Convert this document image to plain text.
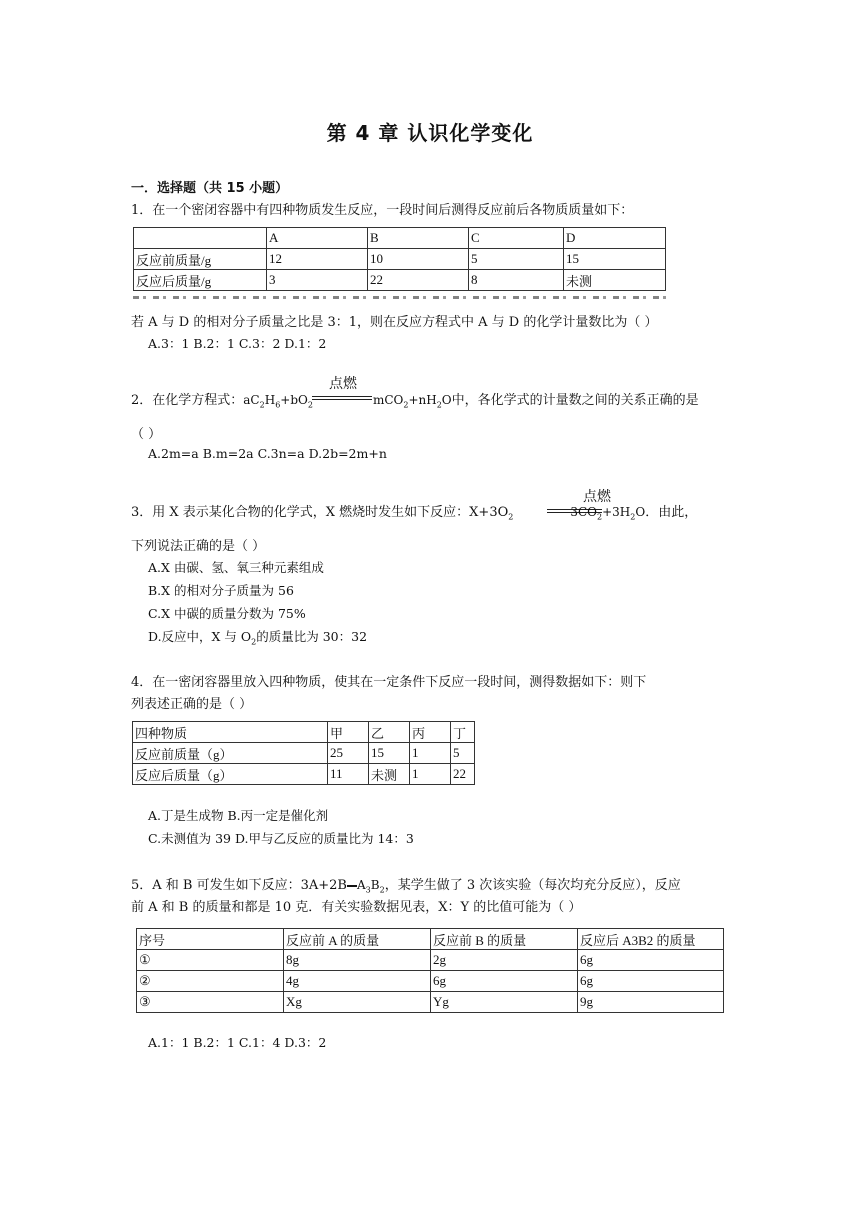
第 4 章 认识化学变化
一．选择题（共 15 小题）
1．在一个密闭容器中有四种物质发生反应，一段时间后测得反应前后各物质质量如下：
	A	B	C	D
反应前质量/g	12	10	5	15
反应后质量/g	3	22	8	未测
若 A 与 D 的相对分子质量之比是 3：1，则在反应方程式中 A 与 D 的化学计量数比为（ ）
A.3：1 B.2：1 C.3：2 D.1：2
点燃
2．在化学方程式：$aC_2H_6+bO_2$	$mCO_2+nH_2O$中，各化学式的计量数之间的关系正确的是
（ ）
A.2m=a B.m=2a C.3n=a D.2b=2m+n
点燃
3．用 X 表示某化合物的化学式，X 燃烧时发生如下反应：$X+3O_2$	$3CO_2+3H_2O$．由此，
下列说法正确的是（ ）
A.X 由碳、氢、氧三种元素组成
B.X 的相对分子质量为 56
C.X 中碳的质量分数为 75%
D.反应中，X 与 $O_2$的质量比为 30：32
4．在一密闭容器里放入四种物质，使其在一定条件下反应一段时间，测得数据如下：则下
列表述正确的是（ ）
四种物质	甲	乙	丙	丁
反应前质量（g）	25	15	1	5
反应后质量（g）	11	未测	1	22
A.丁是生成物 B.丙一定是催化剂
C.未测值为 39 D.甲与乙反应的质量比为 14：3
5．A 和 B 可发生如下反应：3A+2B $A_3B_2$，某学生做了 3 次该实验（每次均充分反应），反应
前 A 和 B 的质量和都是 10 克．有关实验数据见表，X：Y 的比值可能为（ ）
序号	反应前 A 的质量	反应前 B 的质量	反应后 A3B2 的质量
①	8g	2g	6g
②	4g	6g	6g
③	Xg	Yg	9g
A.1：1 B.2：1 C.1：4 D.3：2
